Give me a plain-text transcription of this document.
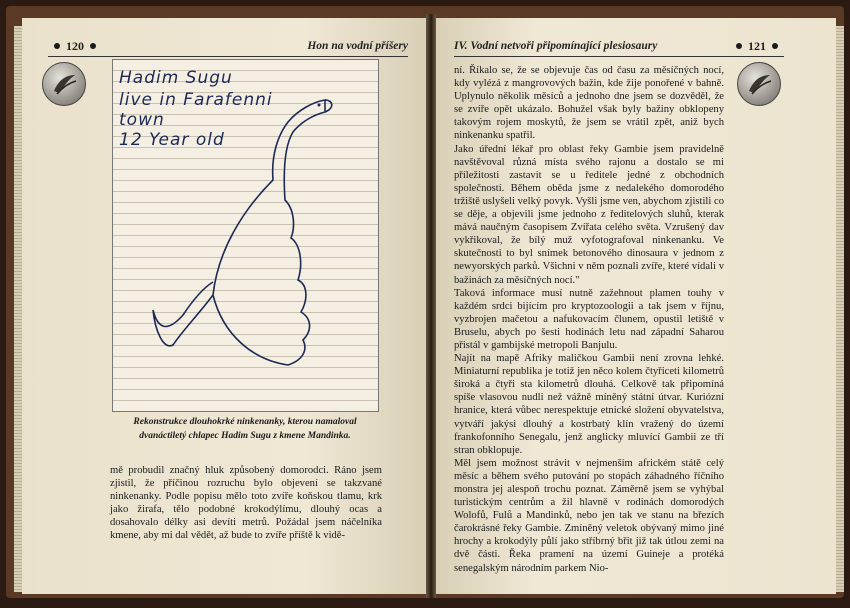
120	Hon na vodní příšery
Hadim Sugu
live in Farafenni
town
12 Year old
Rekonstrukce dlouhokrké ninkenanky, kterou namaloval dvanáctiletý chlapec Hadim Sugu z kmene Mandinka.

mě probudil značný hluk způsobený domorodci. Ráno jsem zjistil, že příčinou rozruchu bylo objevení se takzvané ninkenanky. Podle popisu mělo toto zvíře koňskou tlamu, krk jako žirafa, tělo podobné krokodýlímu, dlouhý ocas a dosahovalo délky asi devíti metrů. Požádal jsem náčelníka kmene, aby mi dal vědět, až bude to zvíře příště k vidě-

IV. Vodní netvoři připomínající plesiosaury	121

ní. Říkalo se, že se objevuje čas od času za měsíčných nocí, kdy vylézá z mangrovových bažin, kde žije ponořené v bahně. Uplynulo několik měsíců a jednoho dne jsem se dozvěděl, že se zvíře opět ukázalo. Bohužel však byly bažiny obklopeny takovým rojem moskytů, že jsem se vrátil zpět, aniž bych ninkenanku spatřil.

Jako úřední lékař pro oblast řeky Gambie jsem pravidelně navštěvoval různá místa svého rajonu a dostalo se mi příležitosti zastavit se u ředitele jedné z obchodních společností. Během oběda jsme z nedalekého domorodého tržiště uslyšeli velký povyk. Vyšli jsme ven, abychom zjistili co se děje, a objevili jsme jednoho z ředitelových sluhů, kterak mává naučným časopisem Zvířata celého světa. Vzrušený dav vykřikoval, že bílý muž vyfotografoval ninkenanku. Ve skutečnosti to byl snímek betonového dinosaura v jednom z newyorských parků. Všichni v něm poznali zvíře, které vídali v bažinách za měsíčných nocí."

Taková informace musí nutně zažehnout plamen touhy v každém srdci bijícím pro kryptozoologii a tak jsem v říjnu, vyzbrojen mačetou a nafukovacím člunem, opustil letiště v Bruselu, abych po šesti hodinách letu nad západní Saharou přistál v gambijské metropoli Banjulu.

Najít na mapě Afriky maličkou Gambii není zrovna lehké. Miniaturní republika je totiž jen něco kolem čtyřiceti kilometrů široká a čtyři sta kilometrů dlouhá. Celkově tak připomíná spíše vlasovou nudli než vážně míněný státní útvar. Kuriózní hranice, která vůbec nerespektuje etnické složení obyvatelstva, vytváří jakýsi dlouhý a kostrbatý klín vražený do území frankofonního Senegalu, jenž anglicky mluvící Gambii ze tří stran obklopuje.

Měl jsem možnost strávit v nejmenším africkém státě celý měsíc a během svého putování po stopách záhadného říčního monstra jej alespoň trochu poznat. Záměrně jsem se vyhýbal turistickým centrům a žil hlavně v rodinách domorodých Wolofů, Fulů a Mandinků, nebo jen tak ve stanu na březích čarokrásné řeky Gambie. Zmíněný veletok obývaný mimo jiné hrochy a krokodýly půlí jako stříbrný břit již tak útlou zemi na dvě části. Řeka pramení na území Guineje a protéká senegalským národním parkem Nio-
